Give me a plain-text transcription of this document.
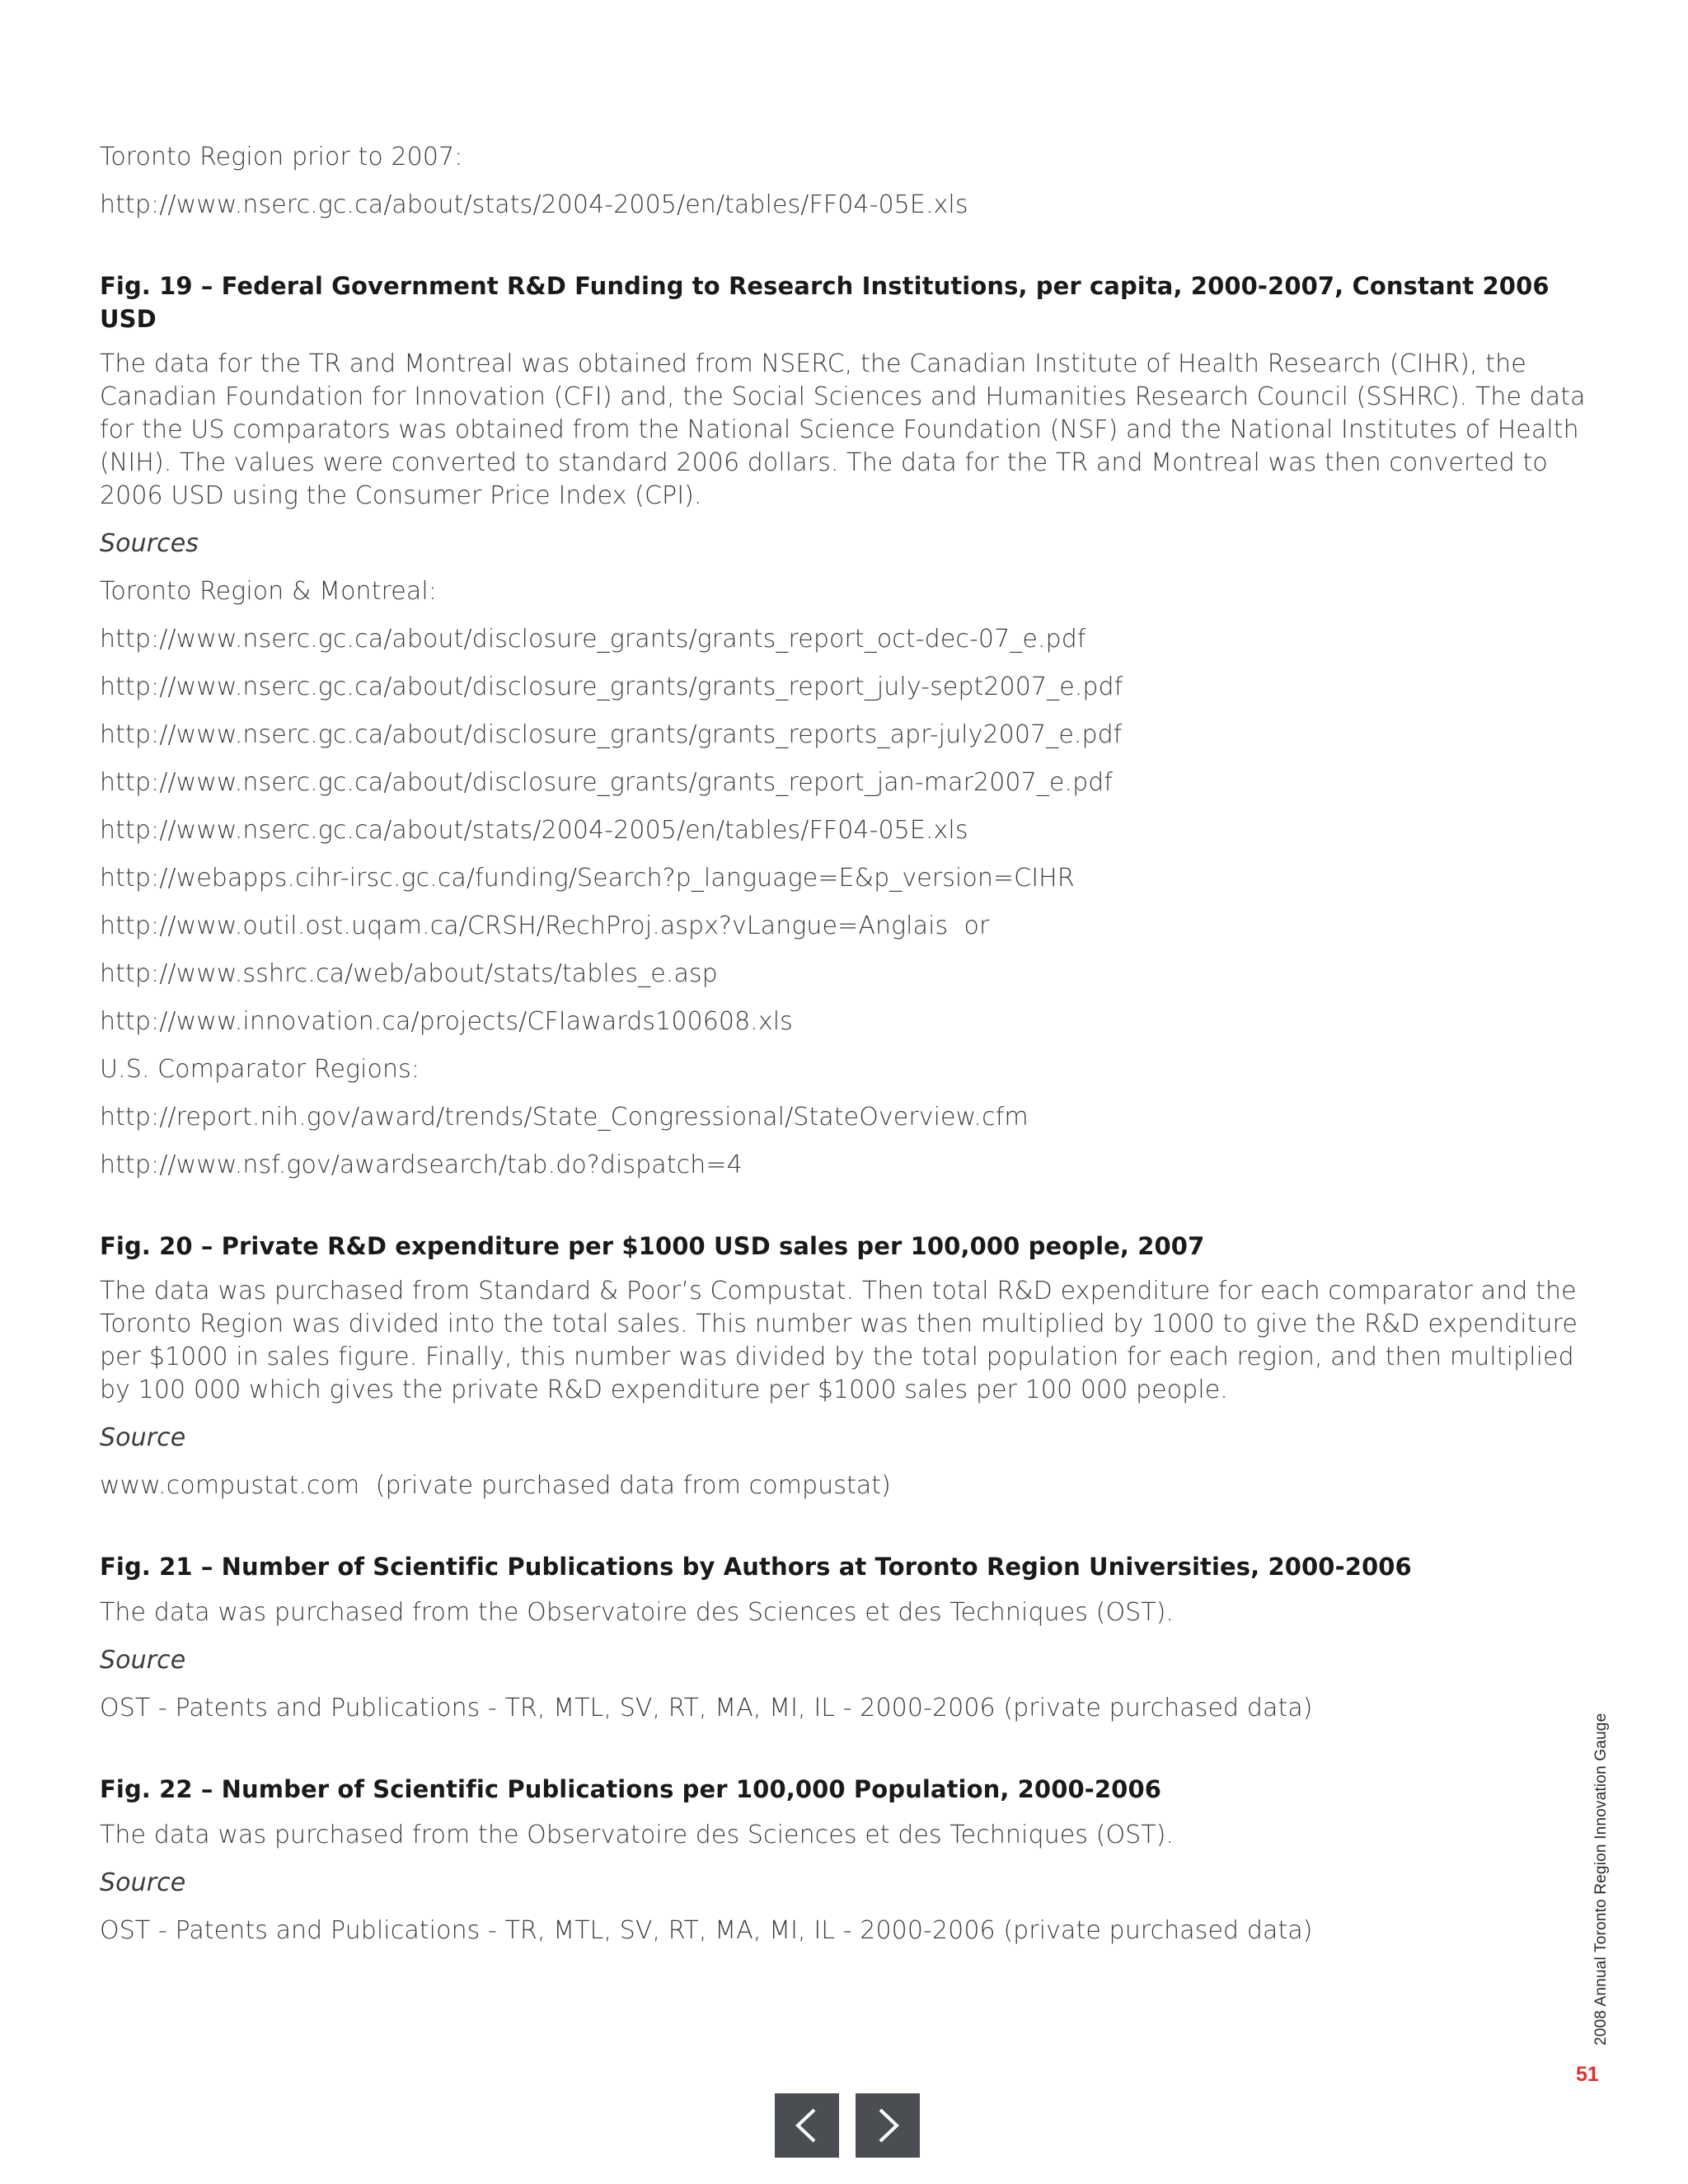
Toronto Region prior to 2007:
http://www.nserc.gc.ca/about/stats/2004-2005/en/tables/FF04-05E.xls
Fig. 19 – Federal Government R&D Funding to Research Institutions, per capita, 2000-2007, Constant 2006 USD

The data for the TR and Montreal was obtained from NSERC, the Canadian Institute of Health Research (CIHR), the

Canadian Foundation for Innovation (CFI) and, the Social Sciences and Humanities Research Council (SSHRC). The data

for the US comparators was obtained from the National Science Foundation (NSF) and the National Institutes of Health

(NIH). The values were converted to standard 2006 dollars. The data for the TR and Montreal was then converted to

2006 USD using the Consumer Price Index (CPI).

Sources
Toronto Region & Montreal:
http://www.nserc.gc.ca/about/disclosure_grants/grants_report_oct-dec-07_e.pdf
http://www.nserc.gc.ca/about/disclosure_grants/grants_report_july-sept2007_e.pdf
http://www.nserc.gc.ca/about/disclosure_grants/grants_reports_apr-july2007_e.pdf
http://www.nserc.gc.ca/about/disclosure_grants/grants_report_jan-mar2007_e.pdf
http://www.nserc.gc.ca/about/stats/2004-2005/en/tables/FF04-05E.xls
http://webapps.cihr-irsc.gc.ca/funding/Search?p_language=E&p_version=CIHR
http://www.outil.ost.uqam.ca/CRSH/RechProj.aspx?vLangue=Anglais  or
http://www.sshrc.ca/web/about/stats/tables_e.asp
http://www.innovation.ca/projects/CFIawards100608.xls
U.S. Comparator Regions:
http://report.nih.gov/award/trends/State_Congressional/StateOverview.cfm
http://www.nsf.gov/awardsearch/tab.do?dispatch=4
Fig. 20 – Private R&D expenditure per $1000 USD sales per 100,000 people, 2007

The data was purchased from Standard & Poor’s Compustat. Then total R&D expenditure for each comparator and the

Toronto Region was divided into the total sales. This number was then multiplied by 1000 to give the R&D expenditure

per $1000 in sales figure. Finally, this number was divided by the total population for each region, and then multiplied

by 100 000 which gives the private R&D expenditure per $1000 sales per 100 000 people.

Source
www.compustat.com  (private purchased data from compustat)
Fig. 21 – Number of Scientific Publications by Authors at Toronto Region Universities, 2000-2006
The data was purchased from the Observatoire des Sciences et des Techniques (OST).
Source
OST - Patents and Publications - TR, MTL, SV, RT, MA, MI, IL - 2000-2006 (private purchased data)
Fig. 22 – Number of Scientific Publications per 100,000 Population, 2000-2006
The data was purchased from the Observatoire des Sciences et des Techniques (OST).
Source
OST - Patents and Publications - TR, MTL, SV, RT, MA, MI, IL - 2000-2006 (private purchased data)	2008 Annual Toronto Region Innovation Gauge
51
